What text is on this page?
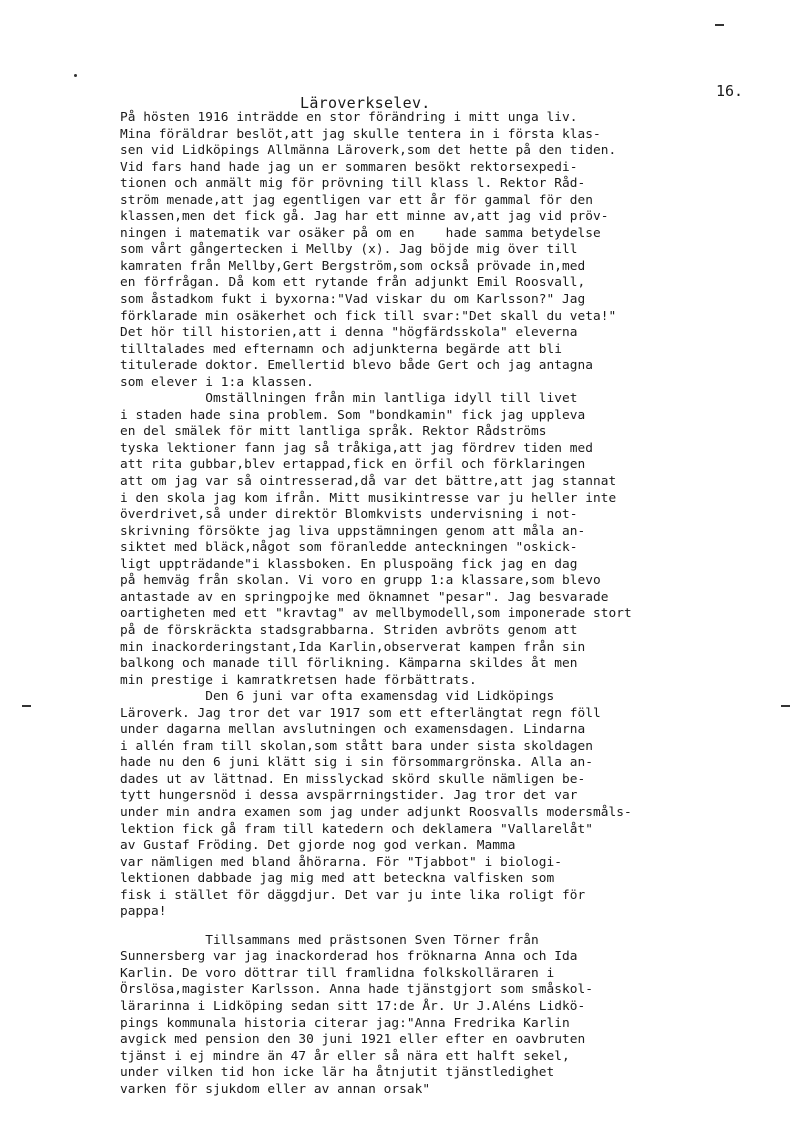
16.
Läroverkselev.
På hösten 1916 inträdde en stor förändring i mitt unga liv.
Mina föräldrar beslöt,att jag skulle tentera in i första klas-
sen vid Lidköpings Allmänna Läroverk,som det hette på den tiden.
Vid fars hand hade jag un er sommaren besökt rektorsexpedi-
tionen och anmält mig för prövning till klass l. Rektor Råd-
ström menade,att jag egentligen var ett år för gammal för den
klassen,men det fick gå. Jag har ett minne av,att jag vid pröv-
ningen i matematik var osäker på om en    hade samma betydelse
som vårt gångertecken i Mellby (x). Jag böjde mig över till
kamraten från Mellby,Gert Bergström,som också prövade in,med
en förfrågan. Då kom ett rytande från adjunkt Emil Roosvall,
som åstadkom fukt i byxorna:"Vad viskar du om Karlsson?" Jag
förklarade min osäkerhet och fick till svar:"Det skall du veta!"
Det hör till historien,att i denna "högfärdsskola" eleverna
tilltalades med efternamn och adjunkterna begärde att bli
titulerade doktor. Emellertid blevo både Gert och jag antagna
som elever i 1:a klassen.
Omställningen från min lantliga idyll till livet
i staden hade sina problem. Som "bondkamin" fick jag uppleva
en del smälek för mitt lantliga språk. Rektor Rådströms
tyska lektioner fann jag så tråkiga,att jag fördrev tiden med
att rita gubbar,blev ertappad,fick en örfil och förklaringen
att om jag var så ointresserad,då var det bättre,att jag stannat
i den skola jag kom ifrån. Mitt musikintresse var ju heller inte
överdrivet,så under direktör Blomkvists undervisning i not-
skrivning försökte jag liva uppstämningen genom att måla an-
siktet med bläck,något som föranledde anteckningen "oskick-
ligt uppträdande"i klassboken. En pluspoäng fick jag en dag
på hemväg från skolan. Vi voro en grupp 1:a klassare,som blevo
antastade av en springpojke med öknamnet "pesar". Jag besvarade
oartigheten med ett "kravtag" av mellbymodell,som imponerade stort
på de förskräckta stadsgrabbarna. Striden avbröts genom att
min inackorderingstant,Ida Karlin,observerat kampen från sin
balkong och manade till förlikning. Kämparna skildes åt men
min prestige i kamratkretsen hade förbättrats.
Den 6 juni var ofta examensdag vid Lidköpings
Läroverk. Jag tror det var 1917 som ett efterlängtat regn föll
under dagarna mellan avslutningen och examensdagen. Lindarna
i allén fram till skolan,som stått bara under sista skoldagen
hade nu den 6 juni klätt sig i sin försommargrönska. Alla an-
dades ut av lättnad. En misslyckad skörd skulle nämligen be-
tytt hungersnöd i dessa avspärrningstider. Jag tror det var
under min andra examen som jag under adjunkt Roosvalls modersmåls-
lektion fick gå fram till katedern och deklamera "Vallarelåt"
av Gustaf Fröding. Det gjorde nog god verkan. Mamma
var nämligen med bland åhörarna. För "Tjabbot" i biologi-
lektionen dabbade jag mig med att beteckna valfisken som
fisk i stället för däggdjur. Det var ju inte lika roligt för
pappa!
Tillsammans med prästsonen Sven Törner från
Sunnersberg var jag inackorderad hos fröknarna Anna och Ida
Karlin. De voro döttrar till framlidna folkskolläraren i
Örslösa,magister Karlsson. Anna hade tjänstgjort som småskol-
lärarinna i Lidköping sedan sitt 17:de År. Ur J.Aléns Lidkö-
pings kommunala historia citerar jag:"Anna Fredrika Karlin
avgick med pension den 30 juni 1921 eller efter en oavbruten
tjänst i ej mindre än 47 år eller så nära ett halft sekel,
under vilken tid hon icke lär ha åtnjutit tjänstledighet
varken för sjukdom eller av annan orsak"
